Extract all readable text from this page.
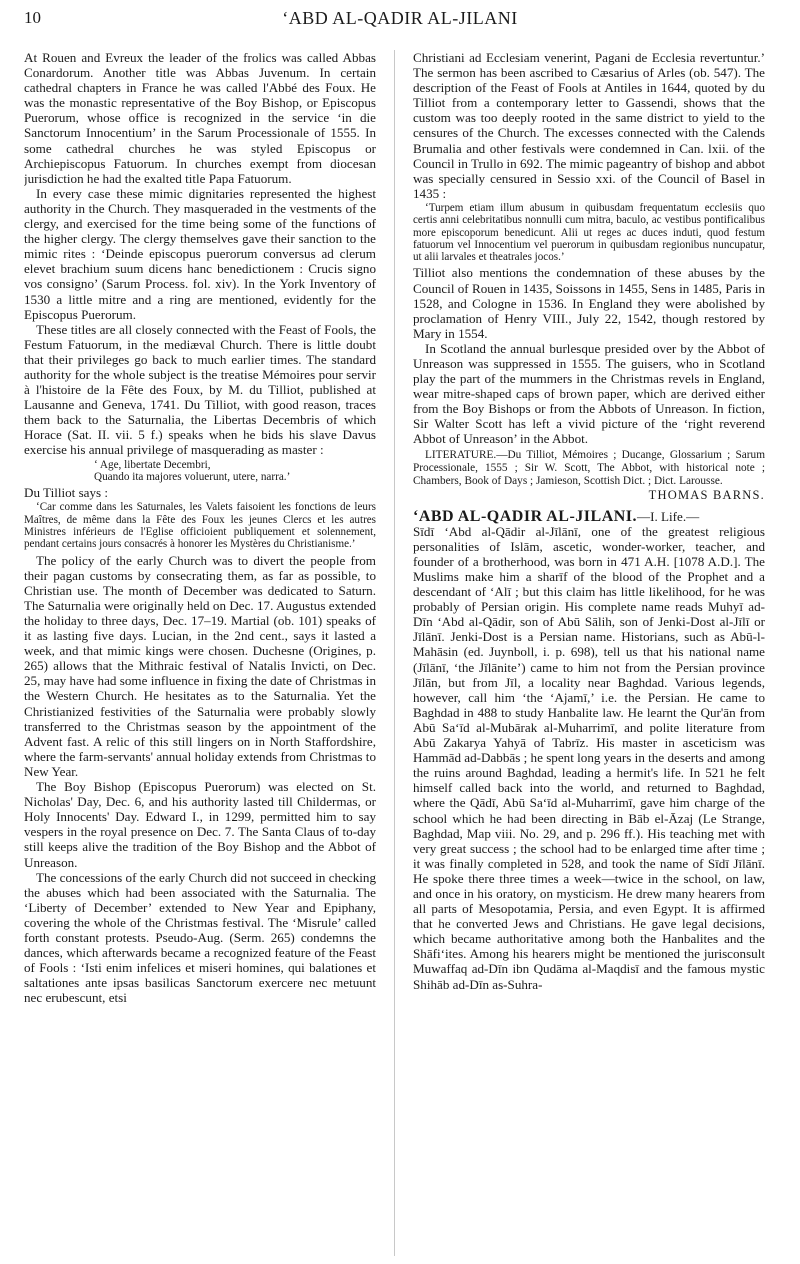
10	‘ABD AL-QADIR AL-JILANI

At Rouen and Evreux the leader of the frolics was called Abbas Conardorum. Another title was Abbas Juvenum. In certain cathedral chapters in France he was called l'Abbé des Foux. He was the monastic representative of the Boy Bishop, or Episcopus Puerorum, whose office is recognized in the service ‘in die Sanctorum Innocentium’ in the Sarum Processionale of 1555. In some cathedral churches he was styled Episcopus or Archiepiscopus Fatuorum. In churches exempt from diocesan jurisdiction he had the exalted title Papa Fatuorum.

In every case these mimic dignitaries represented the highest authority in the Church. They masqueraded in the vestments of the clergy, and exercised for the time being some of the functions of the higher clergy. The clergy themselves gave their sanction to the mimic rites : ‘Deinde episcopus puerorum conversus ad clerum elevet brachium suum dicens hanc benedictionem : Crucis signo vos consigno’ (Sarum Process. fol. xiv). In the York Inventory of 1530 a little mitre and a ring are mentioned, evidently for the Episcopus Puerorum.

These titles are all closely connected with the Feast of Fools, the Festum Fatuorum, in the mediæval Church. There is little doubt that their privileges go back to much earlier times. The standard authority for the whole subject is the treatise Mémoires pour servir à l'histoire de la Fête des Foux, by M. du Tilliot, published at Lausanne and Geneva, 1741. Du Tilliot, with good reason, traces them back to the Saturnalia, the Libertas Decembris of which Horace (Sat. II. vii. 5 f.) speaks when he bids his slave Davus exercise his annual privilege of masquerading as master :

‘ Age, libertate Decembri,
Quando ita majores voluerunt, utere, narra.’

Du Tilliot says :

‘Car comme dans les Saturnales, les Valets faisoient les fonctions de leurs Maîtres, de même dans la Fête des Foux les jeunes Clercs et les autres Ministres inférieurs de l'Eglise officioient publiquement et solennement, pendant certains jours consacrés à honorer les Mystères du Christianisme.’

The policy of the early Church was to divert the people from their pagan customs by consecrating them, as far as possible, to Christian use. The month of December was dedicated to Saturn. The Saturnalia were originally held on Dec. 17. Augustus extended the holiday to three days, Dec. 17–19. Martial (ob. 101) speaks of it as lasting five days. Lucian, in the 2nd cent., says it lasted a week, and that mimic kings were chosen. Duchesne (Origines, p. 265) allows that the Mithraic festival of Natalis Invicti, on Dec. 25, may have had some influence in fixing the date of Christmas in the Western Church. He hesitates as to the Saturnalia. Yet the Christianized festivities of the Saturnalia were probably slowly transferred to the Christmas season by the appointment of the Advent fast. A relic of this still lingers on in North Staffordshire, where the farm-servants' annual holiday extends from Christmas to New Year.

The Boy Bishop (Episcopus Puerorum) was elected on St. Nicholas' Day, Dec. 6, and his authority lasted till Childermas, or Holy Innocents' Day. Edward I., in 1299, permitted him to say vespers in the royal presence on Dec. 7. The Santa Claus of to-day still keeps alive the tradition of the Boy Bishop and the Abbot of Unreason.

The concessions of the early Church did not succeed in checking the abuses which had been associated with the Saturnalia. The ‘Liberty of December’ extended to New Year and Epiphany, covering the whole of the Christmas festival. The ‘Misrule’ called forth constant protests. Pseudo-Aug. (Serm. 265) condemns the dances, which afterwards became a recognized feature of the Feast of Fools : ‘Isti enim infelices et miseri homines, qui balationes et saltationes ante ipsas basilicas Sanctorum exercere nec metuunt nec erubescunt, etsi

Christiani ad Ecclesiam venerint, Pagani de Ecclesia revertuntur.’ The sermon has been ascribed to Cæsarius of Arles (ob. 547). The description of the Feast of Fools at Antiles in 1644, quoted by du Tilliot from a contemporary letter to Gassendi, shows that the custom was too deeply rooted in the same district to yield to the censures of the Church. The excesses connected with the Calends Brumalia and other festivals were condemned in Can. lxii. of the Council in Trullo in 692. The mimic pageantry of bishop and abbot was specially censured in Sessio xxi. of the Council of Basel in 1435 :

‘Turpem etiam illum abusum in quibusdam frequentatum ecclesiis quo certis anni celebritatibus nonnulli cum mitra, baculo, ac vestibus pontificalibus more episcoporum benedicunt. Alii ut reges ac duces induti, quod festum fatuorum vel Innocentium vel puerorum in quibusdam regionibus nuncupatur, ut alii larvales et theatrales jocos.’

Tilliot also mentions the condemnation of these abuses by the Council of Rouen in 1435, Soissons in 1455, Sens in 1485, Paris in 1528, and Cologne in 1536. In England they were abolished by proclamation of Henry VIII., July 22, 1542, though restored by Mary in 1554.

In Scotland the annual burlesque presided over by the Abbot of Unreason was suppressed in 1555. The guisers, who in Scotland play the part of the mummers in the Christmas revels in England, wear mitre-shaped caps of brown paper, which are derived either from the Boy Bishops or from the Abbots of Unreason. In fiction, Sir Walter Scott has left a vivid picture of the ‘right reverend Abbot of Unreason’ in the Abbot.

LITERATURE.—Du Tilliot, Mémoires ; Ducange, Glossarium ; Sarum Processionale, 1555 ; Sir W. Scott, The Abbot, with historical note ; Chambers, Book of Days ; Jamieson, Scottish Dict. ; Dict. Larousse.

THOMAS BARNS.

‘ABD AL-QADIR AL-JILANI.—I. Life.—

Sīdī ‘Abd al-Qādir al-Jīlānī, one of the greatest religious personalities of Islām, ascetic, wonder-worker, teacher, and founder of a brotherhood, was born in 471 A.H. [1078 A.D.]. The Muslims make him a sharīf of the blood of the Prophet and a descendant of ‘Alī ; but this claim has little likelihood, for he was probably of Persian origin. His complete name reads Muhyī ad-Dīn ‘Abd al-Qādir, son of Abū Sālih, son of Jenki-Dost al-Jīlī or Jīlānī. Jenki-Dost is a Persian name. Historians, such as Abū-l-Mahāsin (ed. Juynboll, i. p. 698), tell us that his national name (Jīlānī, ‘the Jīlānite’) came to him not from the Persian province Jīlān, but from Jīl, a locality near Baghdad. Various legends, however, call him ‘the ‘Ajamī,’ i.e. the Persian. He came to Baghdad in 488 to study Hanbalite law. He learnt the Qur'ān from Abū Sa‘īd al-Mubārak al-Muharrimī, and polite literature from Abū Zakarya Yahyā of Tabrīz. His master in asceticism was Hammād ad-Dabbās ; he spent long years in the deserts and among the ruins around Baghdad, leading a hermit's life. In 521 he felt himself called back into the world, and returned to Baghdad, where the Qādī, Abū Sa‘īd al-Muharrimī, gave him charge of the school which he had been directing in Bāb el-Āzaj (Le Strange, Baghdad, Map viii. No. 29, and p. 296 ff.). His teaching met with very great success ; the school had to be enlarged time after time ; it was finally completed in 528, and took the name of Sīdī Jīlānī. He spoke there three times a week—twice in the school, on law, and once in his oratory, on mysticism. He drew many hearers from all parts of Mesopotamia, Persia, and even Egypt. It is affirmed that he converted Jews and Christians. He gave legal decisions, which became authoritative among both the Hanbalites and the Shāfi‘ites. Among his hearers might be mentioned the jurisconsult Muwaffaq ad-Dīn ibn Qudāma al-Maqdisī and the famous mystic Shihāb ad-Dīn as-Suhra-
